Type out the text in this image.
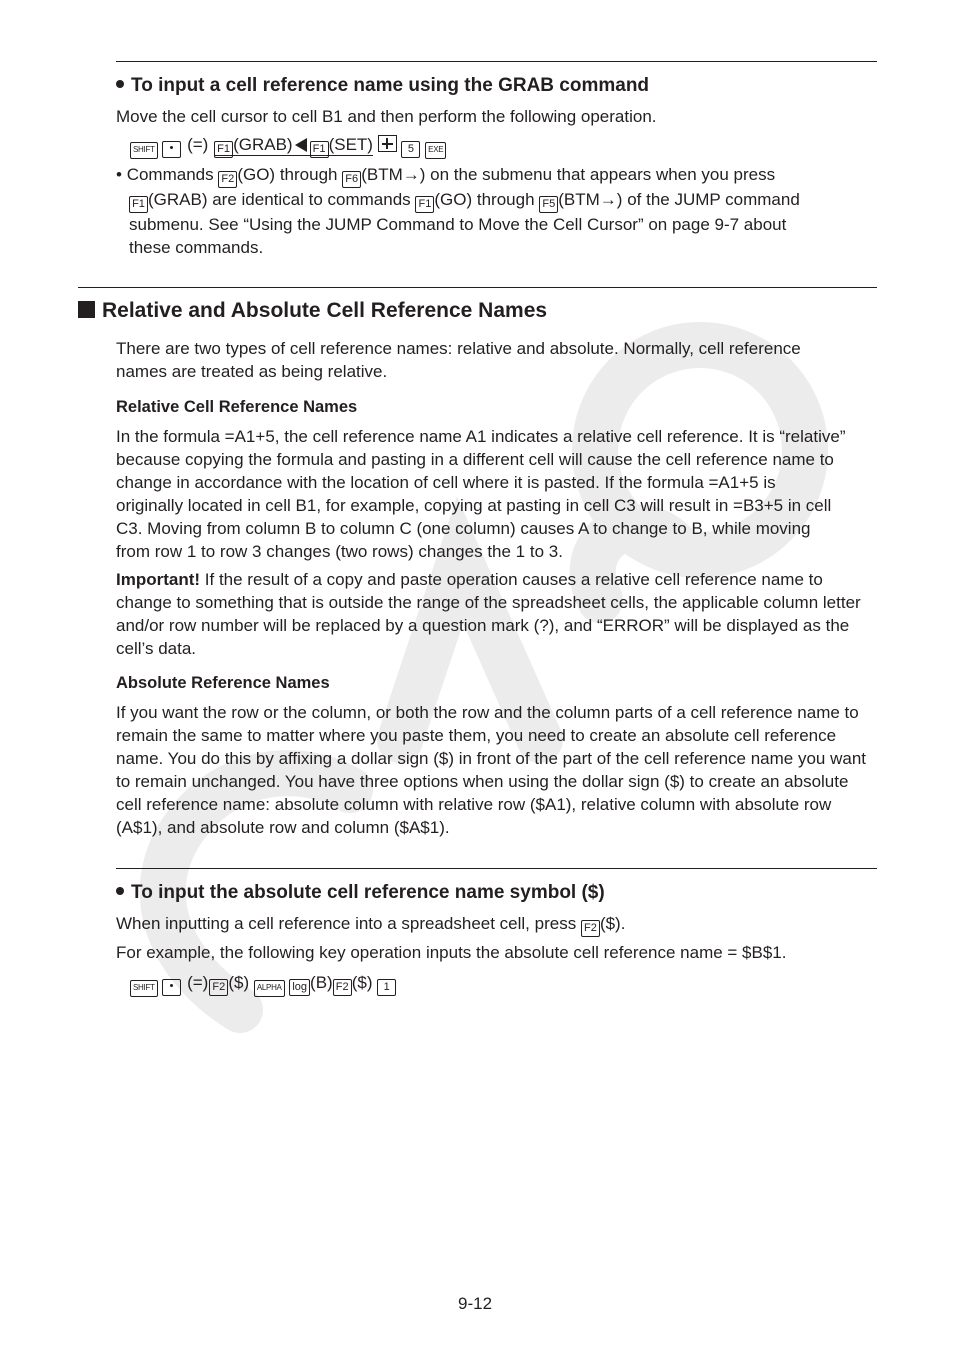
To input a cell reference name using the GRAB command

Move the cell cursor to cell B1 and then perform the following operation.

SHIFT (=) F1 (GRAB) F1 (SET)	5 EXE
• Commands F2 (GO) through F6 (BTM→) on the submenu that appears when you press
F1 (GRAB) are identical to commands F1 (GO) through F5 (BTM→) of the JUMP command
submenu. See “Using the JUMP Command to Move the Cell Cursor” on page 9-7 about
these commands.
Relative and Absolute Cell Reference Names

There are two types of cell reference names: relative and absolute. Normally, cell reference names are treated as being relative.

Relative Cell Reference Names

In the formula =A1+5, the cell reference name A1 indicates a relative cell reference. It is “relative” because copying the formula and pasting in a different cell will cause the cell reference name to change in accordance with the location of cell where it is pasted. If the formula =A1+5 is originally located in cell B1, for example, copying at pasting in cell C3 will result in =B3+5 in cell C3. Moving from column B to column C (one column) causes A to change to B, while moving from row 1 to row 3 changes (two rows) changes the 1 to 3.

Important! If the result of a copy and paste operation causes a relative cell reference name to change to something that is outside the range of the spreadsheet cells, the applicable column letter and/or row number will be replaced by a question mark (?), and “ERROR” will be displayed as the cell’s data.

Absolute Reference Names

If you want the row or the column, or both the row and the column parts of a cell reference name to remain the same to matter where you paste them, you need to create an absolute cell reference name. You do this by affixing a dollar sign ($) in front of the part of the cell reference name you want to remain unchanged. You have three options when using the dollar sign ($) to create an absolute cell reference name: absolute column with relative row ($A1), relative column with absolute row (A$1), and absolute row and column ($A$1).

To input the absolute cell reference name symbol ($)

When inputting a cell reference into a spreadsheet cell, press F2 ($).

For example, the following key operation inputs the absolute cell reference name = $B$1.

SHIFT (=) F2 ($) ALPHA log (B) F2 ($) 1
9-12
